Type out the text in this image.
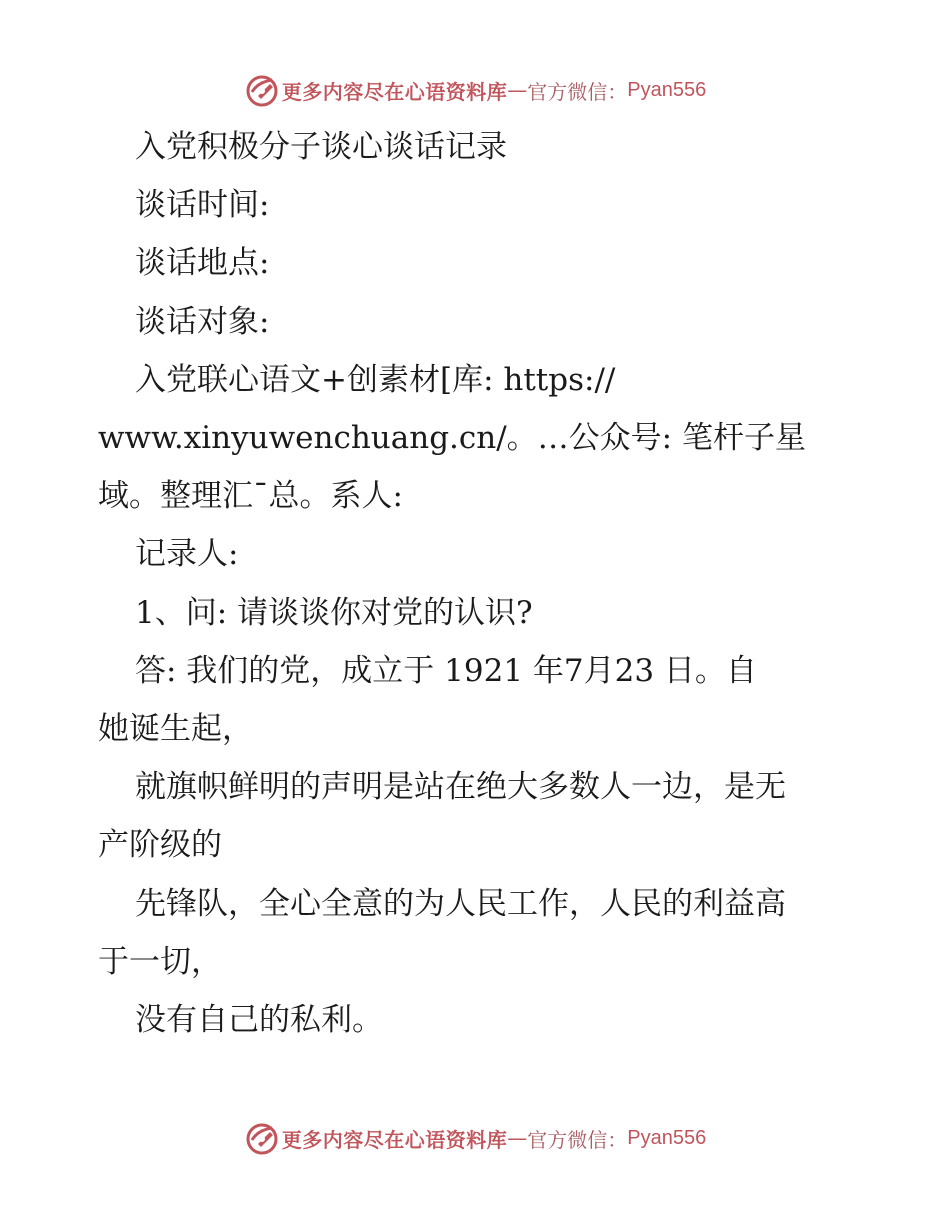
更多内容尽在心语资料库 — 官方微信： Pyan556

入党积极分子谈心谈话记录

谈话时间:

谈话地点:

谈话对象:

入党联心语文+创素材[库: https://

www.xinyuwenchuang.cn/。…公众号: 笔杆子星

域。整理汇¯总。系人:

记录人:

1、问: 请谈谈你对党的认识?

答: 我们的党，成立于 1921 年7月23 日。自

她诞生起，

就旗帜鲜明的声明是站在绝大多数人一边，是无

产阶级的

先锋队，全心全意的为人民工作，人民的利益高

于一切，

没有自己的私利。

更多内容尽在心语资料库 — 官方微信： Pyan556
